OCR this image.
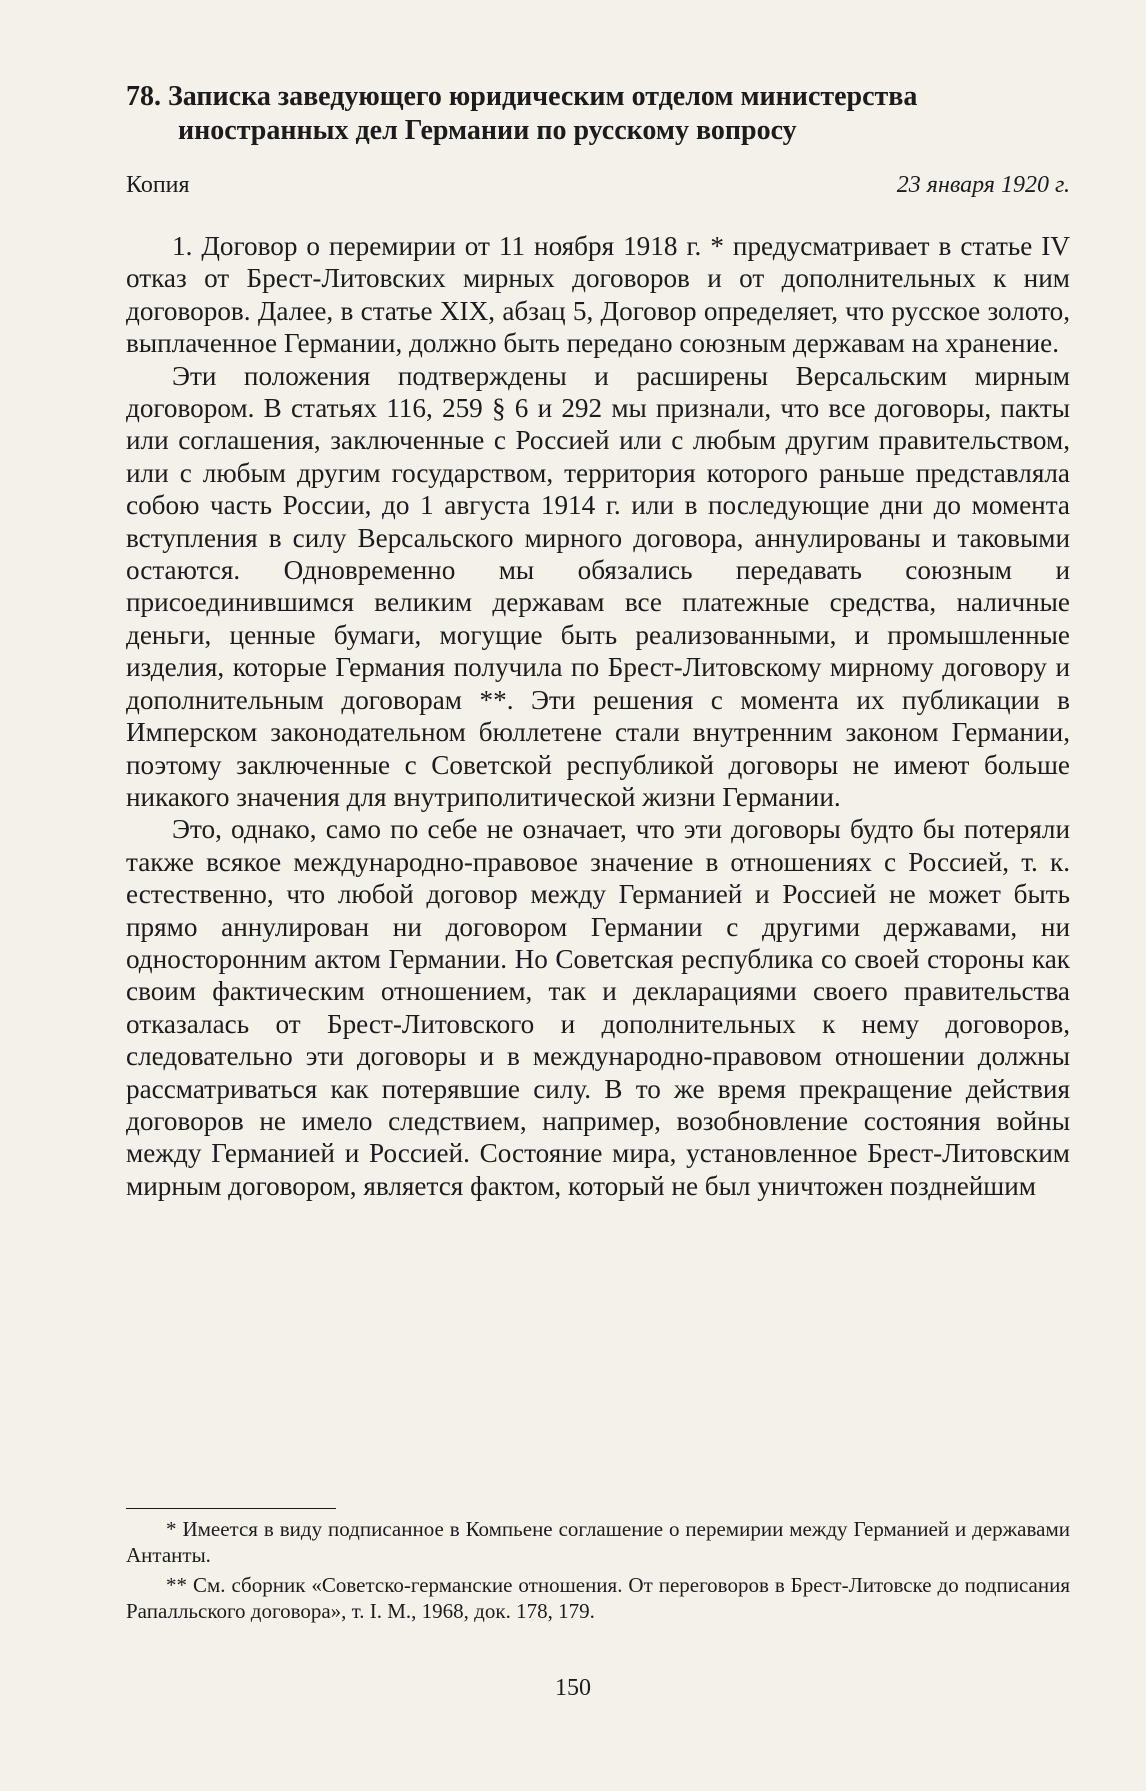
78. Записка заведующего юридическим отделом министерства
иностранных дел Германии по русскому вопросу
Копия	23 января 1920 г.

1. Договор о перемирии от 11 ноября 1918 г. * предусматривает в статье IV отказ от Брест-Литовских мирных договоров и от дополнительных к ним договоров. Далее, в статье XIX, абзац 5, Договор определяет, что русское золото, выплаченное Германии, должно быть передано союзным державам на хранение.

Эти положения подтверждены и расширены Версальским мирным договором. В статьях 116, 259 § 6 и 292 мы признали, что все договоры, пакты или соглашения, заключенные с Россией или с любым другим правительством, или с любым другим государством, территория которого раньше представляла собою часть России, до 1 августа 1914 г. или в последующие дни до момента вступления в силу Версальского мирного договора, аннулированы и таковыми остаются. Одновременно мы обязались передавать союзным и присоединившимся великим державам все платежные средства, наличные деньги, ценные бумаги, могущие быть реализованными, и промышленные изделия, которые Германия получила по Брест-Литовскому мирному договору и дополнительным договорам **. Эти решения с момента их публикации в Имперском законодательном бюллетене стали внутренним законом Германии, поэтому заключенные с Советской республикой договоры не имеют больше никакого значения для внутриполитической жизни Германии.

Это, однако, само по себе не означает, что эти договоры будто бы потеряли также всякое международно-правовое значение в отношениях с Россией, т. к. естественно, что любой договор между Германией и Россией не может быть прямо аннулирован ни договором Германии с другими державами, ни односторонним актом Германии. Но Советская республика со своей стороны как своим фактическим отношением, так и декларациями своего правительства отказалась от Брест-Литовского и дополнительных к нему договоров, следовательно эти договоры и в международно-правовом отношении должны рассматриваться как потерявшие силу. В то же время прекращение действия договоров не имело следствием, например, возобновление состояния войны между Германией и Россией. Состояние мира, установленное Брест-Литовским мирным договором, является фактом, который не был уничтожен позднейшим

* Имеется в виду подписанное в Компьене соглашение о перемирии между Германией и державами Антанты.

** См. сборник «Советско-германские отношения. От переговоров в Брест-Литовске до подписания Рапалльского договора», т. I. М., 1968, док. 178, 179.

150
